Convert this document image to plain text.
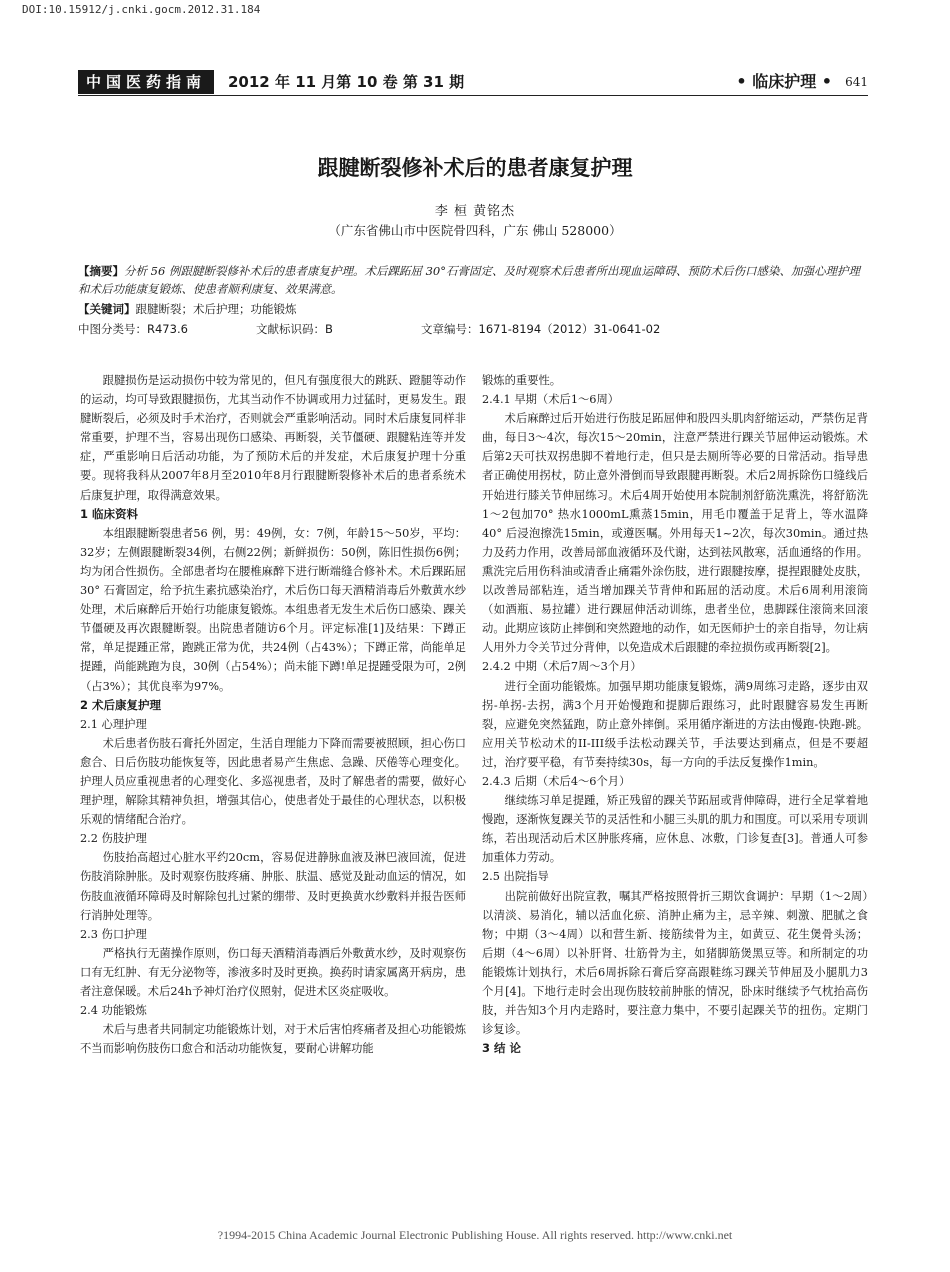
DOI:10.15912/j.cnki.gocm.2012.31.184
中国医药指南	2012 年 11 月第 10 卷 第 31 期	• 临床护理 • 641
跟腱断裂修补术后的患者康复护理
李 桓 黄铭杰
（广东省佛山市中医院骨四科，广东 佛山 528000）
【摘要】分析 56 例跟腱断裂修补术后的患者康复护理。术后踝跖屈 30°石膏固定、及时观察术后患者所出现血运障碍、预防术后伤口感染、加强心理护理和术后功能康复锻炼、使患者顺利康复、效果满意。
【关键词】跟腱断裂；术后护理；功能锻炼
中图分类号：R473.6	文献标识码：B	文章编号：1671-8194（2012）31-0641-02

跟腱损伤是运动损伤中较为常见的，但凡有强度很大的跳跃、蹬腿等动作的运动，均可导致跟腱损伤，尤其当动作不协调或用力过猛时，更易发生。跟腱断裂后，必须及时手术治疗，否则就会严重影响活动。同时术后康复同样非常重要，护理不当，容易出现伤口感染、再断裂，关节僵硬、跟腱粘连等并发症，严重影响日后活动功能，为了预防术后的并发症，术后康复护理十分重要。现将我科从2007年8月至2010年8月行跟腱断裂修补术后的患者系统术后康复护理，取得满意效果。

1 临床资料

本组跟腱断裂患者56 例，男：49例，女：7例，年龄15～50岁，平均：32岁；左侧跟腱断裂34例，右侧22例；新鲜损伤：50例，陈旧性损伤6例；均为闭合性损伤。全部患者均在腰椎麻醉下进行断端缝合修补术。术后踝跖屈30° 石膏固定，给予抗生素抗感染治疗，术后伤口每天酒精消毒后外敷黄水纱处理，术后麻醉后开始行功能康复锻炼。本组患者无发生术后伤口感染、踝关节僵硬及再次跟腱断裂。出院患者随访6个月。评定标准[1]及结果：下蹲正常，单足提踵正常，跑跳正常为优，共24例（占43%）；下蹲正常，尚能单足提踵，尚能跳跑为良，30例（占54%）；尚未能下蹲!单足提踵受限为可，2例（占3%）；其优良率为97%。

2 术后康复护理
2.1 心理护理

术后患者伤肢石膏托外固定，生活自理能力下降而需要被照顾，担心伤口愈合、日后伤肢功能恢复等，因此患者易产生焦虑、急躁、厌倦等心理变化。护理人员应重视患者的心理变化、多巡视患者，及时了解患者的需要，做好心理护理，解除其精神负担，增强其信心，使患者处于最佳的心理状态，以积极乐观的情绪配合治疗。

2.2 伤肢护理

伤肢抬高超过心脏水平约20cm，容易促进静脉血液及淋巴液回流，促进伤肢消除肿胀。及时观察伤肢疼痛、肿胀、肤温、感觉及趾动血运的情况，如伤肢血液循环障碍及时解除包扎过紧的绷带、及时更换黄水纱敷料并报告医师行消肿处理等。

2.3 伤口护理

严格执行无菌操作原则，伤口每天酒精消毒酒后外敷黄水纱，及时观察伤口有无红肿、有无分泌物等，渗液多时及时更换。换药时请家属离开病房，患者注意保暖。术后24h予神灯治疗仪照射，促进术区炎症吸收。

2.4 功能锻炼

术后与患者共同制定功能锻炼计划，对于术后害怕疼痛者及担心功能锻炼不当而影响伤肢伤口愈合和活动功能恢复，要耐心讲解功能

锻炼的重要性。

2.4.1 早期（术后1～6周）

术后麻醉过后开始进行伤肢足跖屈伸和股四头肌肉舒缩运动，严禁伤足背曲，每日3～4次，每次15～20min，注意严禁进行踝关节屈伸运动锻炼。术后第2天可扶双拐患脚不着地行走，但只是去厕所等必要的日常活动。指导患者正确使用拐杖，防止意外滑倒而导致跟腱再断裂。术后2周拆除伤口缝线后开始进行膝关节伸屈练习。术后4周开始使用本院制剂舒筋洗熏洗，将舒筋洗1～2包加70° 热水1000mL熏蒸15min，用毛巾覆盖于足背上，等水温降40° 后浸泡擦洗15min，或遵医嘱。外用每天1~2次，每次30min。通过热力及药力作用，改善局部血液循环及代谢，达到祛风散寒，活血通络的作用。熏洗完后用伤科油或清香止痛霜外涂伤肢，进行跟腱按摩，提捏跟腱处皮肤，以改善局部粘连，适当增加踝关节背伸和跖屈的活动度。术后6周利用滚筒（如酒瓶、易拉罐）进行踝屈伸活动训练，患者坐位，患脚踩住滚筒来回滚动。此期应该防止摔倒和突然蹬地的动作，如无医师护士的亲自指导，勿让病人用外力令关节过分背伸，以免造成术后跟腱的牵拉损伤或再断裂[2]。

2.4.2 中期（术后7周～3个月）

进行全面功能锻炼。加强早期功能康复锻炼，满9周练习走路，逐步由双拐-单拐-去拐，满3个月开始慢跑和提脚后跟练习，此时跟腱容易发生再断裂，应避免突然猛跑，防止意外摔倒。采用循序渐进的方法由慢跑-快跑-跳。应用关节松动术的II-III级手法松动踝关节，手法要达到痛点，但是不要超过，治疗要平稳，有节奏持续30s，每一方向的手法反复操作1min。

2.4.3 后期（术后4～6个月）

继续练习单足提踵，矫正残留的踝关节跖屈或背伸障碍，进行全足掌着地慢跑，逐渐恢复踝关节的灵活性和小腿三头肌的肌力和围度。可以采用专项训练，若出现活动后术区肿胀疼痛，应休息、冰敷，门诊复查[3]。普通人可参加重体力劳动。

2.5 出院指导

出院前做好出院宣教，嘱其严格按照骨折三期饮食调护：早期（1～2周）以清淡、易消化，辅以活血化瘀、消肿止痛为主，忌辛辣、刺激、肥腻之食物；中期（3～4周）以和营生新、接筋续骨为主，如黄豆、花生煲骨头汤；后期（4～6周）以补肝肾、壮筋骨为主，如猪脚筋煲黑豆等。和所制定的功能锻炼计划执行，术后6周拆除石膏后穿高跟鞋练习踝关节伸屈及小腿肌力3个月[4]。下地行走时会出现伤肢较前肿胀的情况，卧床时继续予气枕抬高伤肢，并告知3个月内走路时，要注意力集中，不要引起踝关节的扭伤。定期门诊复诊。

3 结 论
?1994-2015 China Academic Journal Electronic Publishing House. All rights reserved. http://www.cnki.net
